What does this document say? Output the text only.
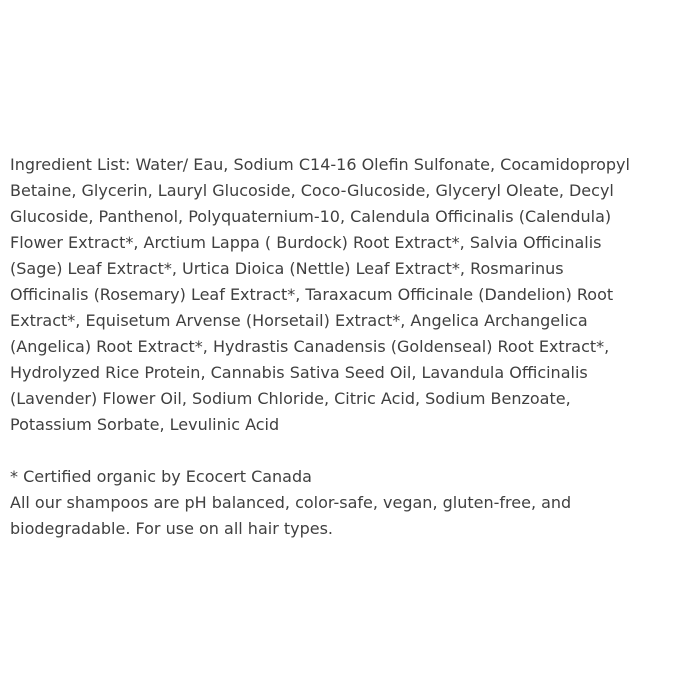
Ingredient List: Water/ Eau, Sodium C14-16 Olefin Sulfonate, Cocamidopropyl
Betaine, Glycerin, Lauryl Glucoside, Coco-Glucoside, Glyceryl Oleate, Decyl
Glucoside, Panthenol, Polyquaternium-10, Calendula Officinalis (Calendula)
Flower Extract*, Arctium Lappa ( Burdock) Root Extract*, Salvia Officinalis
(Sage) Leaf Extract*, Urtica Dioica (Nettle) Leaf Extract*, Rosmarinus
Officinalis (Rosemary) Leaf Extract*, Taraxacum Officinale (Dandelion) Root
Extract*, Equisetum Arvense (Horsetail) Extract*, Angelica Archangelica
(Angelica) Root Extract*, Hydrastis Canadensis (Goldenseal) Root Extract*,
Hydrolyzed Rice Protein, Cannabis Sativa Seed Oil, Lavandula Officinalis
(Lavender) Flower Oil, Sodium Chloride, Citric Acid, Sodium Benzoate,
Potassium Sorbate, Levulinic Acid

* Certified organic by Ecocert Canada

All our shampoos are pH balanced, color-safe, vegan, gluten-free, and

biodegradable. For use on all hair types.
